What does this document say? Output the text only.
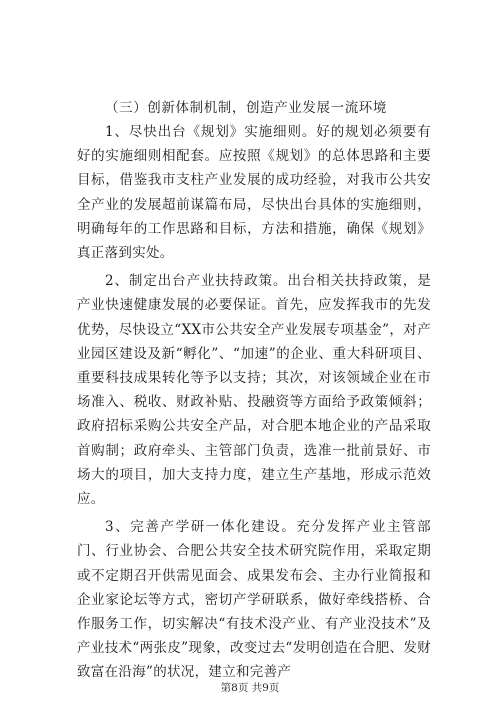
（三）创新体制机制，创造产业发展一流环境

1、尽快出台《规划》实施细则。好的规划必须要有好的实施细则相配套。应按照《规划》的总体思路和主要目标，借鉴我市支柱产业发展的成功经验，对我市公共安全产业的发展超前谋篇布局，尽快出台具体的实施细则，明确每年的工作思路和目标，方法和措施，确保《规划》真正落到实处。

2、制定出台产业扶持政策。出台相关扶持政策，是产业快速健康发展的必要保证。首先，应发挥我市的先发优势，尽快设立“XX市公共安全产业发展专项基金”，对产业园区建设及新“孵化”、“加速”的企业、重大科研项目、重要科技成果转化等予以支持；其次，对该领域企业在市场准入、税收、财政补贴、投融资等方面给予政策倾斜；政府招标采购公共安全产品，对合肥本地企业的产品采取首购制；政府牵头、主管部门负责，选准一批前景好、市场大的项目，加大支持力度，建立生产基地，形成示范效应。

3、完善产学研一体化建设。充分发挥产业主管部门、行业协会、合肥公共安全技术研究院作用，采取定期或不定期召开供需见面会、成果发布会、主办行业简报和企业家论坛等方式，密切产学研联系，做好牵线搭桥、合作服务工作，切实解决“有技术没产业、有产业没技术”及产业技术“两张皮”现象，改变过去“发明创造在合肥、发财致富在沿海”的状况，建立和完善产

第8页 共9页
